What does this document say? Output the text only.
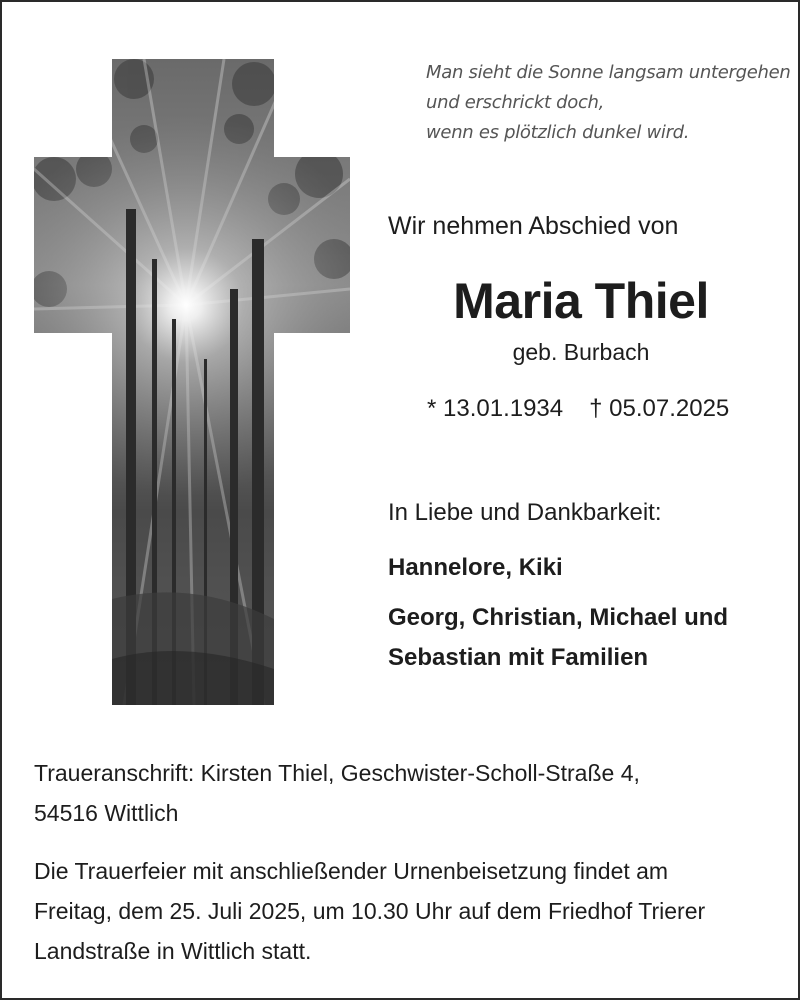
Man sieht die Sonne langsam untergehen
und erschrickt doch,
wenn es plötzlich dunkel wird.
Wir nehmen Abschied von
Maria Thiel
geb. Burbach
* 13.01.1934 † 05.07.2025
In Liebe und Dankbarkeit:
Hannelore, Kiki
Georg, Christian, Michael und
Sebastian mit Familien
Traueranschrift: Kirsten Thiel, Geschwister-Scholl-Straße 4,
54516 Wittlich
Die Trauerfeier mit anschließender Urnenbeisetzung findet am
Freitag, dem 25. Juli 2025, um 10.30 Uhr auf dem Friedhof Trierer
Landstraße in Wittlich statt.
